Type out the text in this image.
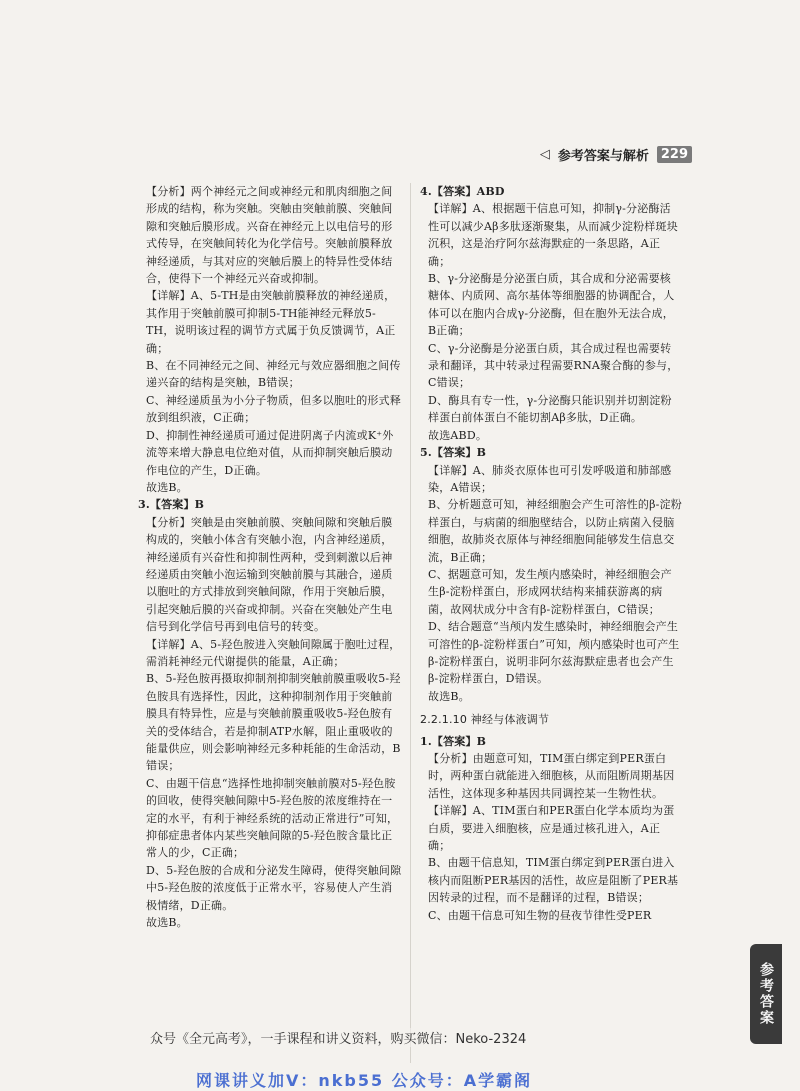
◁ 参考答案与解析 229

【分析】两个神经元之间或神经元和肌肉细胞之间形成的结构，称为突触。突触由突触前膜、突触间隙和突触后膜形成。兴奋在神经元上以电信号的形式传导，在突触间转化为化学信号。突触前膜释放神经递质，与其对应的突触后膜上的特异性受体结合，使得下一个神经元兴奋或抑制。

【详解】A、5-TH是由突触前膜释放的神经递质，其作用于突触前膜可抑制5-TH能神经元释放5-TH，说明该过程的调节方式属于负反馈调节，A正确；

B、在不同神经元之间、神经元与效应器细胞之间传递兴奋的结构是突触，B错误；

C、神经递质虽为小分子物质，但多以胞吐的形式释放到组织液，C正确；

D、抑制性神经递质可通过促进阴离子内流或K⁺外流等来增大静息电位绝对值，从而抑制突触后膜动作电位的产生，D正确。

故选B。

3.【答案】B

【分析】突触是由突触前膜、突触间隙和突触后膜构成的，突触小体含有突触小泡，内含神经递质，神经递质有兴奋性和抑制性两种，受到刺激以后神经递质由突触小泡运输到突触前膜与其融合，递质以胞吐的方式排放到突触间隙，作用于突触后膜，引起突触后膜的兴奋或抑制。兴奋在突触处产生电信号到化学信号再到电信号的转变。

【详解】A、5-羟色胺进入突触间隙属于胞吐过程，需消耗神经元代谢提供的能量，A正确；

B、5-羟色胺再摄取抑制剂抑制突触前膜重吸收5-羟色胺具有选择性，因此，这种抑制剂作用于突触前膜具有特异性，应是与突触前膜重吸收5-羟色胺有关的受体结合，若是抑制ATP水解，阻止重吸收的能量供应，则会影响神经元多种耗能的生命活动，B错误；

C、由题干信息“选择性地抑制突触前膜对5-羟色胺的回收，使得突触间隙中5-羟色胺的浓度维持在一定的水平，有利于神经系统的活动正常进行”可知，抑郁症患者体内某些突触间隙的5-羟色胺含量比正常人的少，C正确；

D、5-羟色胺的合成和分泌发生障碍，使得突触间隙中5-羟色胺的浓度低于正常水平，容易使人产生消极情绪，D正确。

故选B。

4.【答案】ABD

【详解】A、根据题干信息可知，抑制γ-分泌酶活性可以减少Aβ多肽逐渐聚集，从而减少淀粉样斑块沉积，这是治疗阿尔兹海默症的一条思路，A正确；

B、γ-分泌酶是分泌蛋白质，其合成和分泌需要核糖体、内质网、高尔基体等细胞器的协调配合，人体可以在胞内合成γ-分泌酶，但在胞外无法合成，B正确；

C、γ-分泌酶是分泌蛋白质，其合成过程也需要转录和翻译，其中转录过程需要RNA聚合酶的参与，C错误；

D、酶具有专一性，γ-分泌酶只能识别并切割淀粉样蛋白前体蛋白不能切割Aβ多肽，D正确。

故选ABD。

5.【答案】B

【详解】A、肺炎衣原体也可引发呼吸道和肺部感染，A错误；

B、分析题意可知，神经细胞会产生可溶性的β-淀粉样蛋白，与病菌的细胞壁结合，以防止病菌入侵脑细胞，故肺炎衣原体与神经细胞间能够发生信息交流，B正确；

C、据题意可知，发生颅内感染时，神经细胞会产生β-淀粉样蛋白，形成网状结构来捕获游离的病菌，故网状成分中含有β-淀粉样蛋白，C错误；

D、结合题意“当颅内发生感染时，神经细胞会产生可溶性的β-淀粉样蛋白”可知，颅内感染时也可产生β-淀粉样蛋白，说明非阿尔兹海默症患者也会产生β-淀粉样蛋白，D错误。

故选B。

2.2.1.10 神经与体液调节

1.【答案】B

【分析】由题意可知，TIM蛋白绑定到PER蛋白时，两种蛋白就能进入细胞核，从而阻断周期基因活性，这体现多种基因共同调控某一生物性状。

【详解】A、TIM蛋白和PER蛋白化学本质均为蛋白质，要进入细胞核，应是通过核孔进入，A正确；

B、由题干信息知，TIM蛋白绑定到PER蛋白进入核内而阻断PER基因的活性，故应是阻断了PER基因转录的过程，而不是翻译的过程，B错误；

C、由题干信息可知生物的昼夜节律性受PER

众号《全元高考》，一手课程和讲义资料，购买微信：Neko-2324
网课讲义加V：nkb55 公众号：A学霸阁
参考答案
